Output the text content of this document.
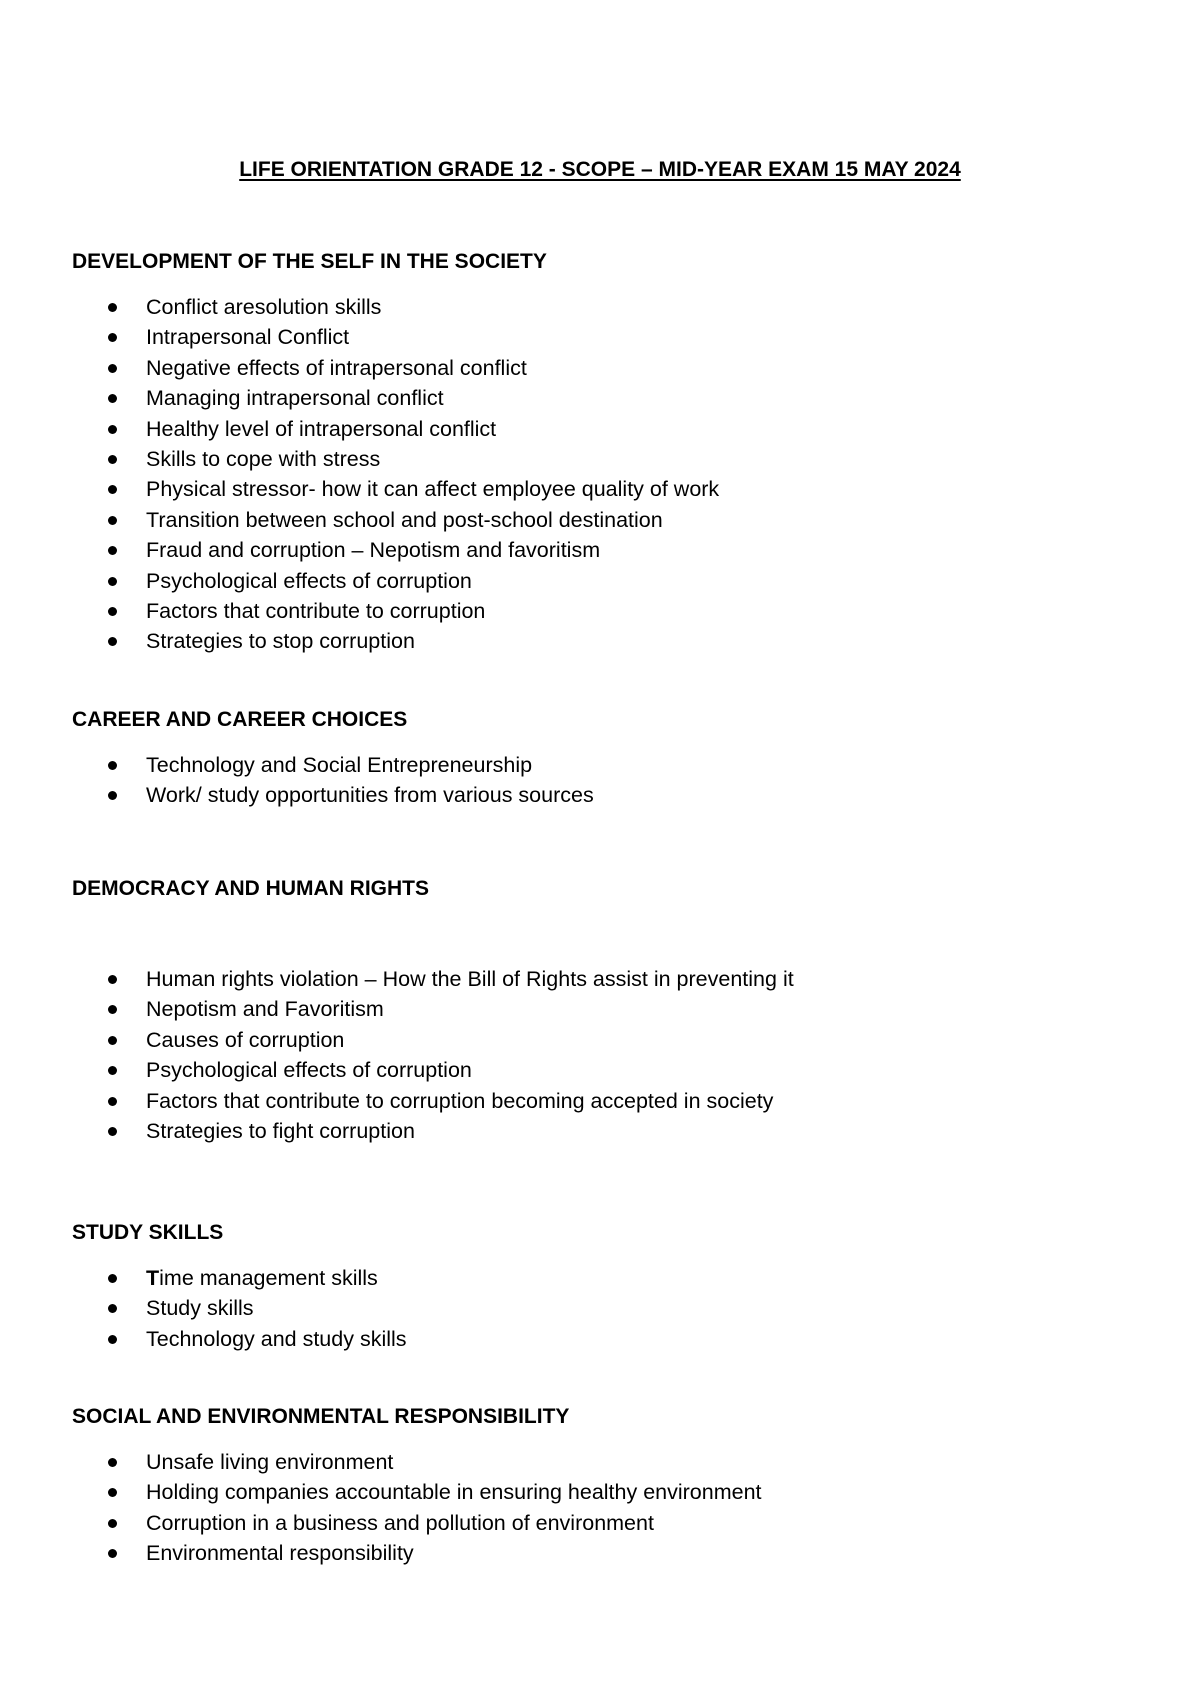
LIFE ORIENTATION GRADE 12 - SCOPE – MID-YEAR EXAM 15 MAY 2024
DEVELOPMENT OF THE SELF IN THE SOCIETY
Conflict aresolution skills
Intrapersonal Conflict
Negative effects of intrapersonal conflict
Managing intrapersonal conflict
Healthy level of intrapersonal conflict
Skills to cope with stress
Physical stressor- how it can affect employee quality of work
Transition between school and post-school destination
Fraud and corruption – Nepotism and favoritism
Psychological effects of corruption
Factors that contribute to corruption
Strategies to stop corruption
CAREER AND CAREER CHOICES
Technology and Social Entrepreneurship
Work/ study opportunities from various sources
DEMOCRACY AND HUMAN RIGHTS
Human rights violation – How the Bill of Rights assist in preventing it
Nepotism and Favoritism
Causes of corruption
Psychological effects of corruption
Factors that contribute to corruption becoming accepted in society
Strategies to fight corruption
STUDY SKILLS
Time management skills
Study skills
Technology and study skills
SOCIAL AND ENVIRONMENTAL RESPONSIBILITY
Unsafe living environment
Holding companies accountable in ensuring healthy environment
Corruption in a business and pollution of environment
Environmental responsibility
